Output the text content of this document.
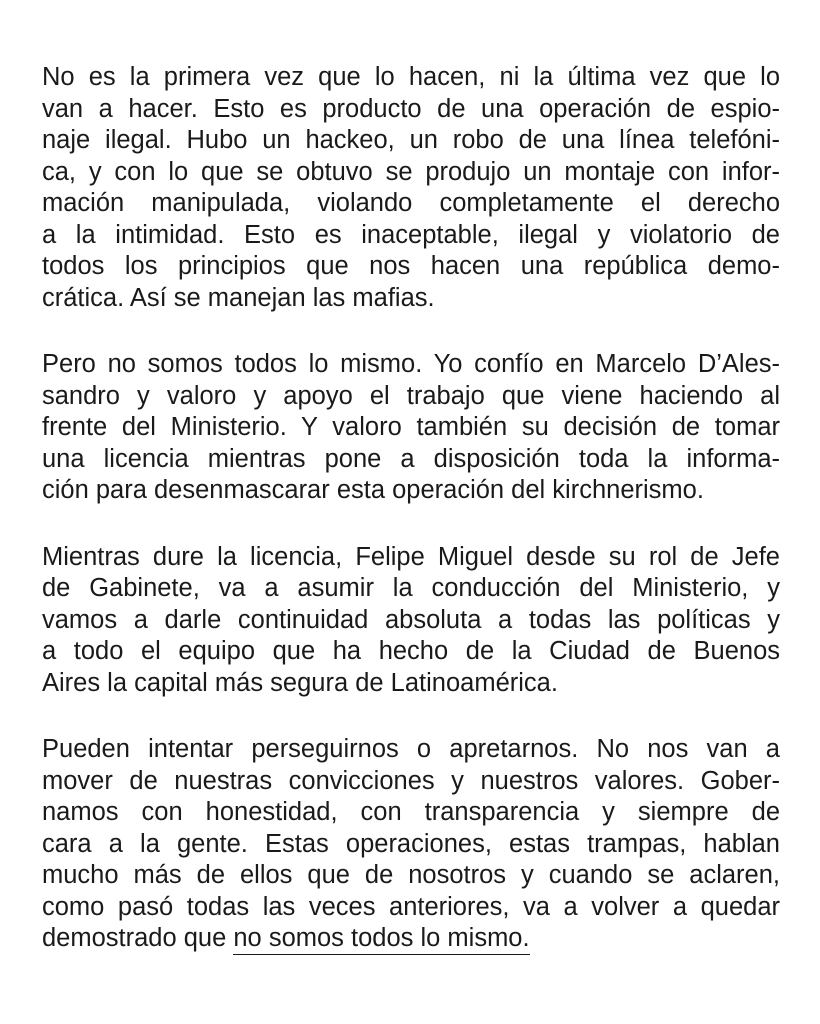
No es la primera vez que lo hacen, ni la última vez que lo
van a hacer. Esto es producto de una operación de espio-
naje ilegal. Hubo un hackeo, un robo de una línea telefóni-
ca, y con lo que se obtuvo se produjo un montaje con infor-
mación manipulada, violando completamente el derecho
a la intimidad. Esto es inaceptable, ilegal y violatorio de
todos los principios que nos hacen una república demo-
crática. Así se manejan las mafias.
Pero no somos todos lo mismo. Yo confío en Marcelo D’Ales-
sandro y valoro y apoyo el trabajo que viene haciendo al
frente del Ministerio. Y valoro también su decisión de tomar
una licencia mientras pone a disposición toda la informa-
ción para desenmascarar esta operación del kirchnerismo.
Mientras dure la licencia, Felipe Miguel desde su rol de Jefe
de Gabinete, va a asumir la conducción del Ministerio, y
vamos a darle continuidad absoluta a todas las políticas y
a todo el equipo que ha hecho de la Ciudad de Buenos
Aires la capital más segura de Latinoamérica.
Pueden intentar perseguirnos o apretarnos. No nos van a
mover de nuestras convicciones y nuestros valores. Gober-
namos con honestidad, con transparencia y siempre de
cara a la gente. Estas operaciones, estas trampas, hablan
mucho más de ellos que de nosotros y cuando se aclaren,
como pasó todas las veces anteriores, va a volver a quedar
demostrado que no somos todos lo mismo.
